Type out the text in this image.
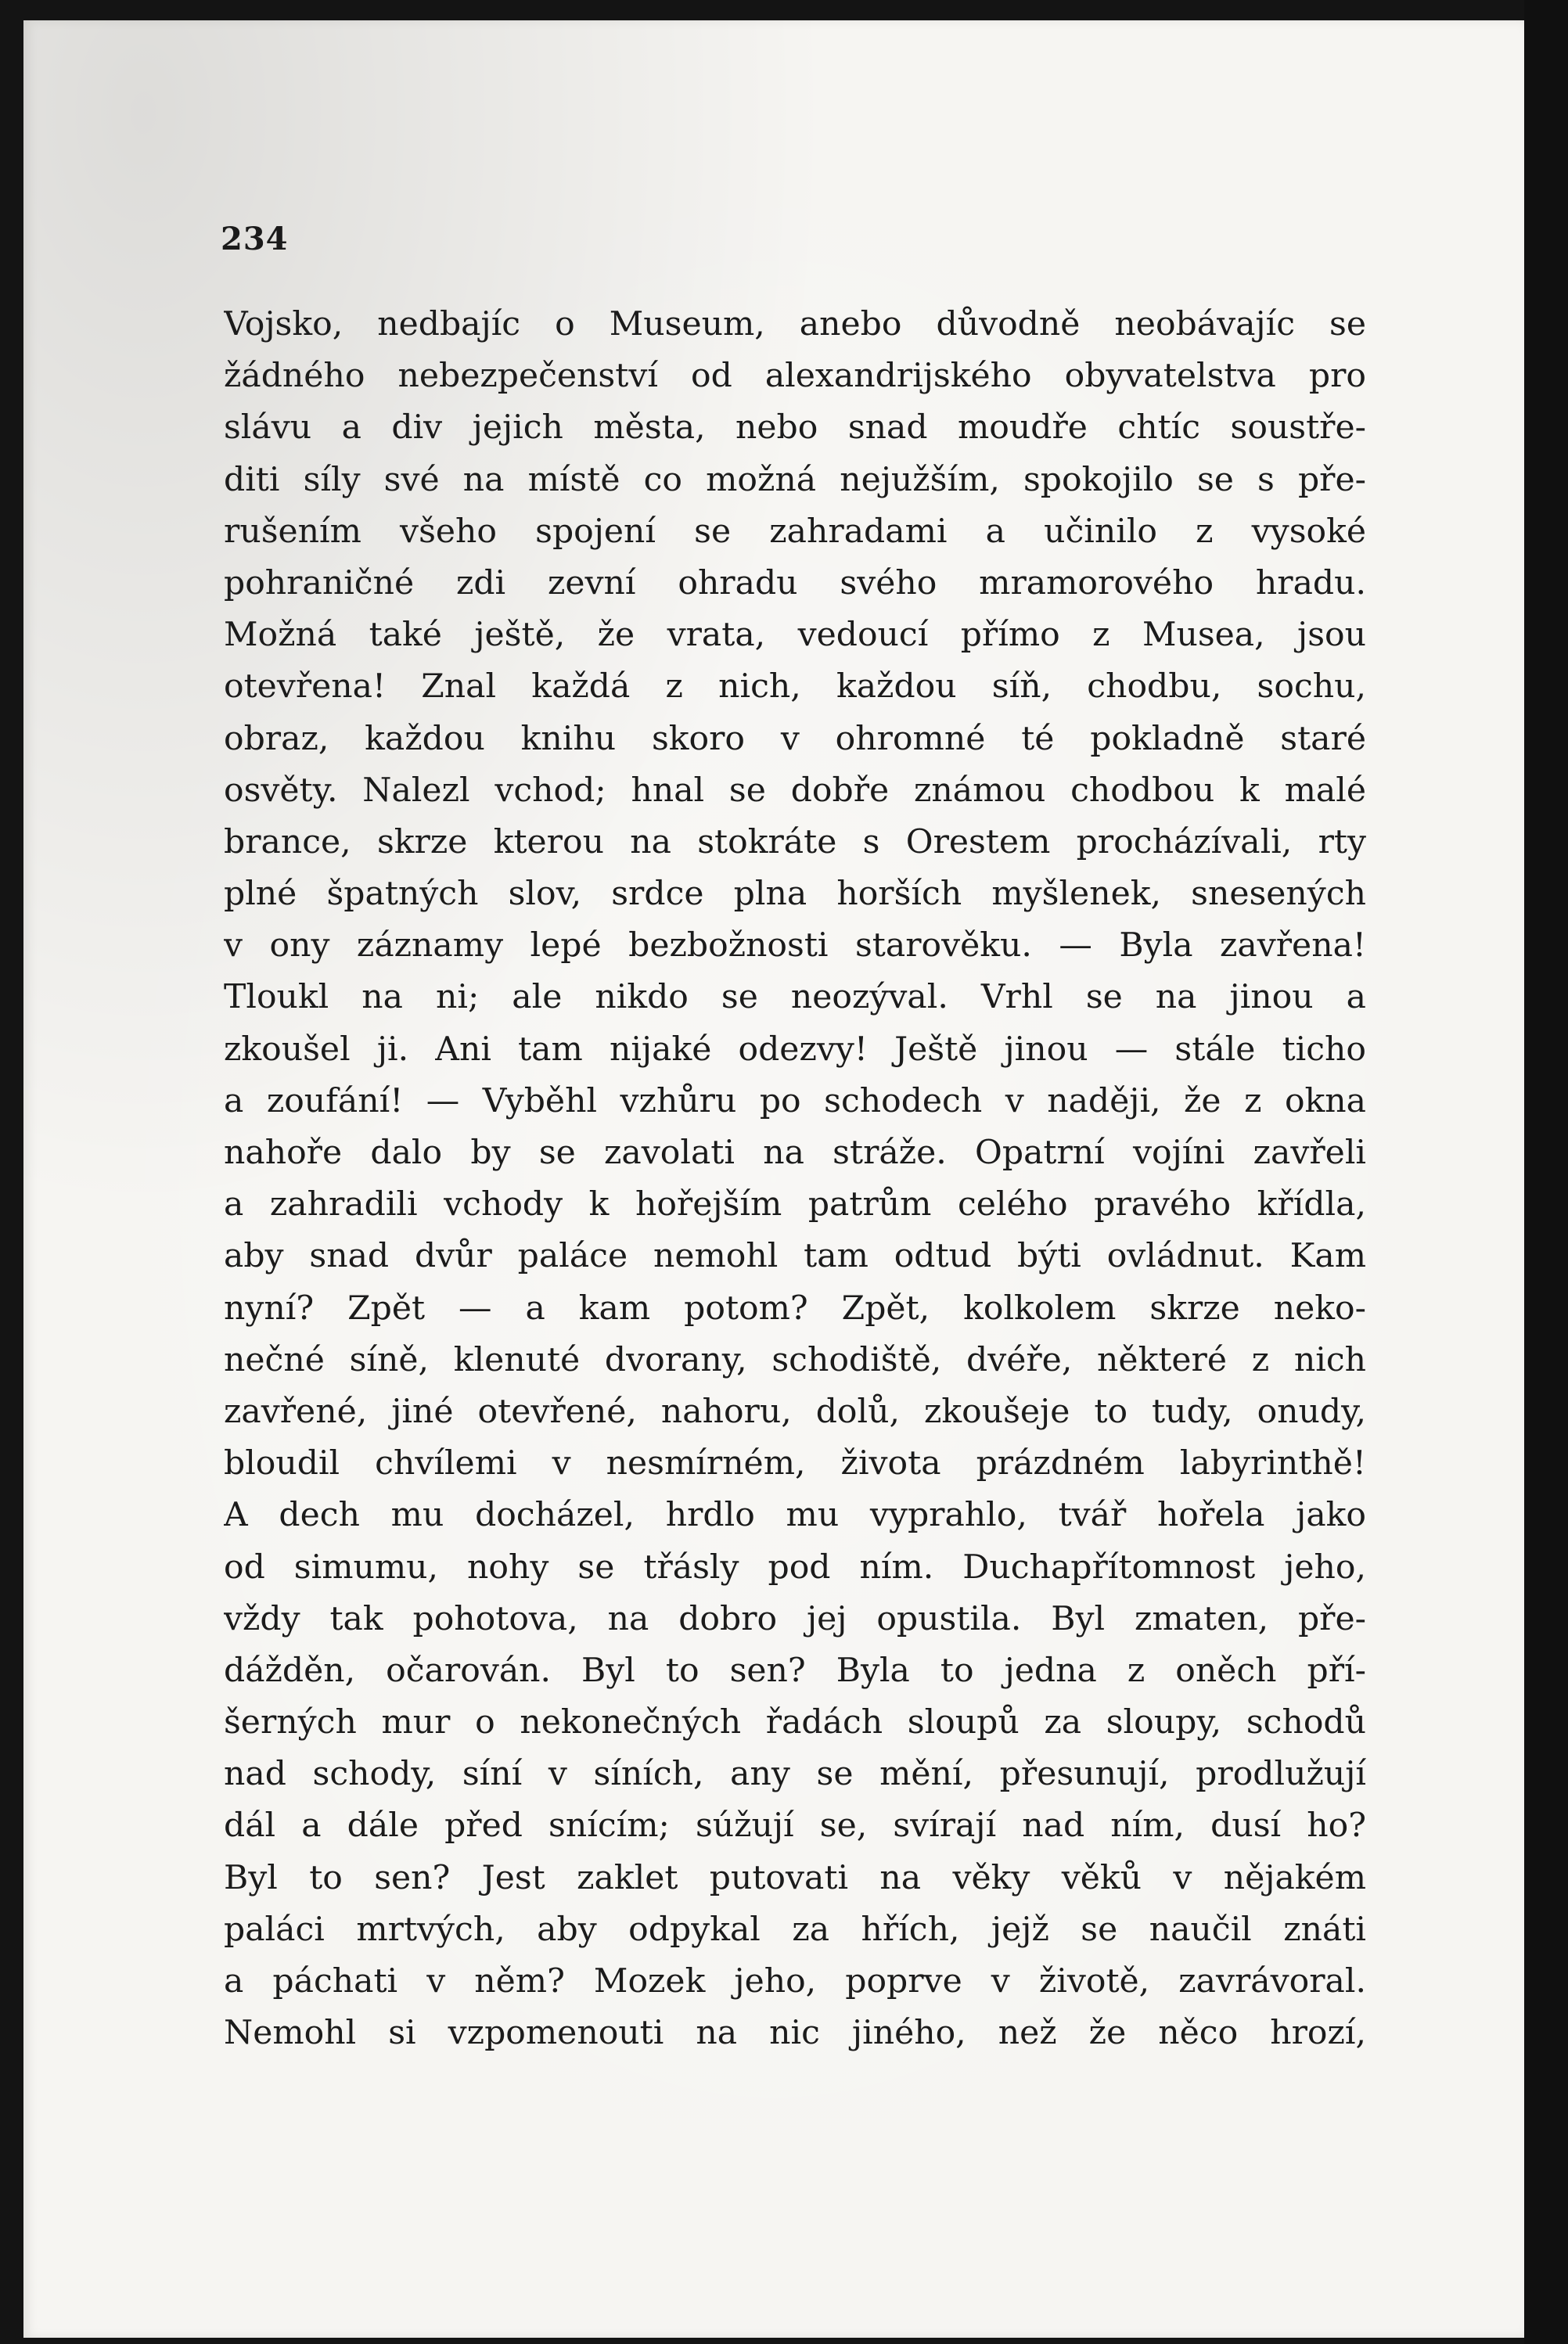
234
Vojsko, nedbajíc o Museum, anebo důvodně neobávajíc se
žádného nebezpečenství od alexandrijského obyvatelstva pro
slávu a div jejich města, nebo snad moudře chtíc soustře-
diti síly své na místě co možná nejužším, spokojilo se s pře-
rušením všeho spojení se zahradami a učinilo z vysoké
pohraničné zdi zevní ohradu svého mramorového hradu.
Možná také ještě, že vrata, vedoucí přímo z Musea, jsou
otevřena! Znal každá z nich, každou síň, chodbu, sochu,
obraz, každou knihu skoro v ohromné té pokladně staré
osvěty. Nalezl vchod; hnal se dobře známou chodbou k malé
brance, skrze kterou na stokráte s Orestem procházívali, rty
plné špatných slov, srdce plna horších myšlenek, snesených
v ony záznamy lepé bezbožnosti starověku. — Byla zavřena!
Tloukl na ni; ale nikdo se neozýval. Vrhl se na jinou a
zkoušel ji. Ani tam nijaké odezvy! Ještě jinou — stále ticho
a zoufání! — Vyběhl vzhůru po schodech v naději, že z okna
nahoře dalo by se zavolati na stráže. Opatrní vojíni zavřeli
a zahradili vchody k hořejším patrům celého pravého křídla,
aby snad dvůr paláce nemohl tam odtud býti ovládnut. Kam
nyní? Zpět — a kam potom? Zpět, kolkolem skrze neko-
nečné síně, klenuté dvorany, schodiště, dvéře, některé z nich
zavřené, jiné otevřené, nahoru, dolů, zkoušeje to tudy, onudy,
bloudil chvílemi v nesmírném, života prázdném labyrinthě!
A dech mu docházel, hrdlo mu vyprahlo, tvář hořela jako
od simumu, nohy se třásly pod ním. Duchapřítomnost jeho,
vždy tak pohotova, na dobro jej opustila. Byl zmaten, pře-
dážděn, očarován. Byl to sen? Byla to jedna z oněch pří-
šerných mur o nekonečných řadách sloupů za sloupy, schodů
nad schody, síní v síních, any se mění, přesunují, prodlužují
dál a dále před snícím; súžují se, svírají nad ním, dusí ho?
Byl to sen? Jest zaklet putovati na věky věků v nějakém
paláci mrtvých, aby odpykal za hřích, jejž se naučil znáti
a páchati v něm? Mozek jeho, poprve v životě, zavrávoral.
Nemohl si vzpomenouti na nic jiného, než že něco hrozí,
